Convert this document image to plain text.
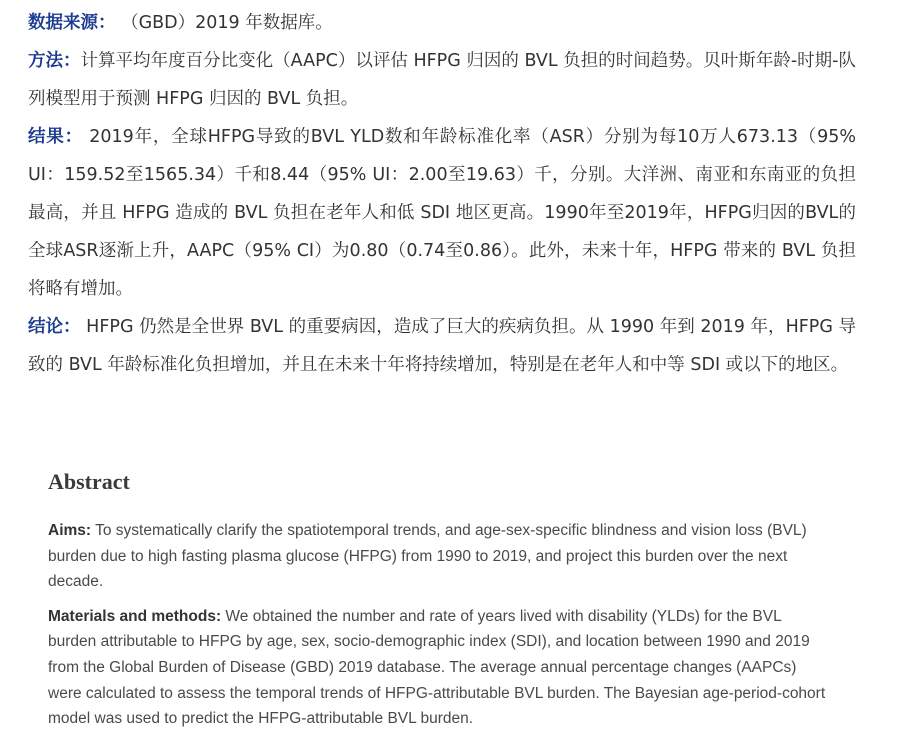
数据来源： （GBD）2019 年数据库。

方法：计算平均年度百分比变化（AAPC）以评估 HFPG 归因的 BVL 负担的时间趋势。贝叶斯年龄-时期-队列模型用于预测 HFPG 归因的 BVL 负担。

结果： 2019年，全球HFPG导致的BVL YLD数和年龄标准化率（ASR）分别为每10万人673.13（95% UI：159.52至1565.34）千和8.44（95% UI：2.00至19.63）千，分别。大洋洲、南亚和东南亚的负担最高，并且 HFPG 造成的 BVL 负担在老年人和低 SDI 地区更高。1990年至2019年，HFPG归因的BVL的全球ASR逐渐上升，AAPC（95% CI）为0.80（0.74至0.86）。此外，未来十年，HFPG 带来的 BVL 负担将略有增加。

结论： HFPG 仍然是全世界 BVL 的重要病因，造成了巨大的疾病负担。从 1990 年到 2019 年，HFPG 导致的 BVL 年龄标准化负担增加，并且在未来十年将持续增加，特别是在老年人和中等 SDI 或以下的地区。

Abstract

Aims: To systematically clarify the spatiotemporal trends, and age-sex-specific blindness and vision loss (BVL) burden due to high fasting plasma glucose (HFPG) from 1990 to 2019, and project this burden over the next decade.

Materials and methods: We obtained the number and rate of years lived with disability (YLDs) for the BVL burden attributable to HFPG by age, sex, socio-demographic index (SDI), and location between 1990 and 2019 from the Global Burden of Disease (GBD) 2019 database. The average annual percentage changes (AAPCs) were calculated to assess the temporal trends of HFPG-attributable BVL burden. The Bayesian age-period-cohort model was used to predict the HFPG-attributable BVL burden.
